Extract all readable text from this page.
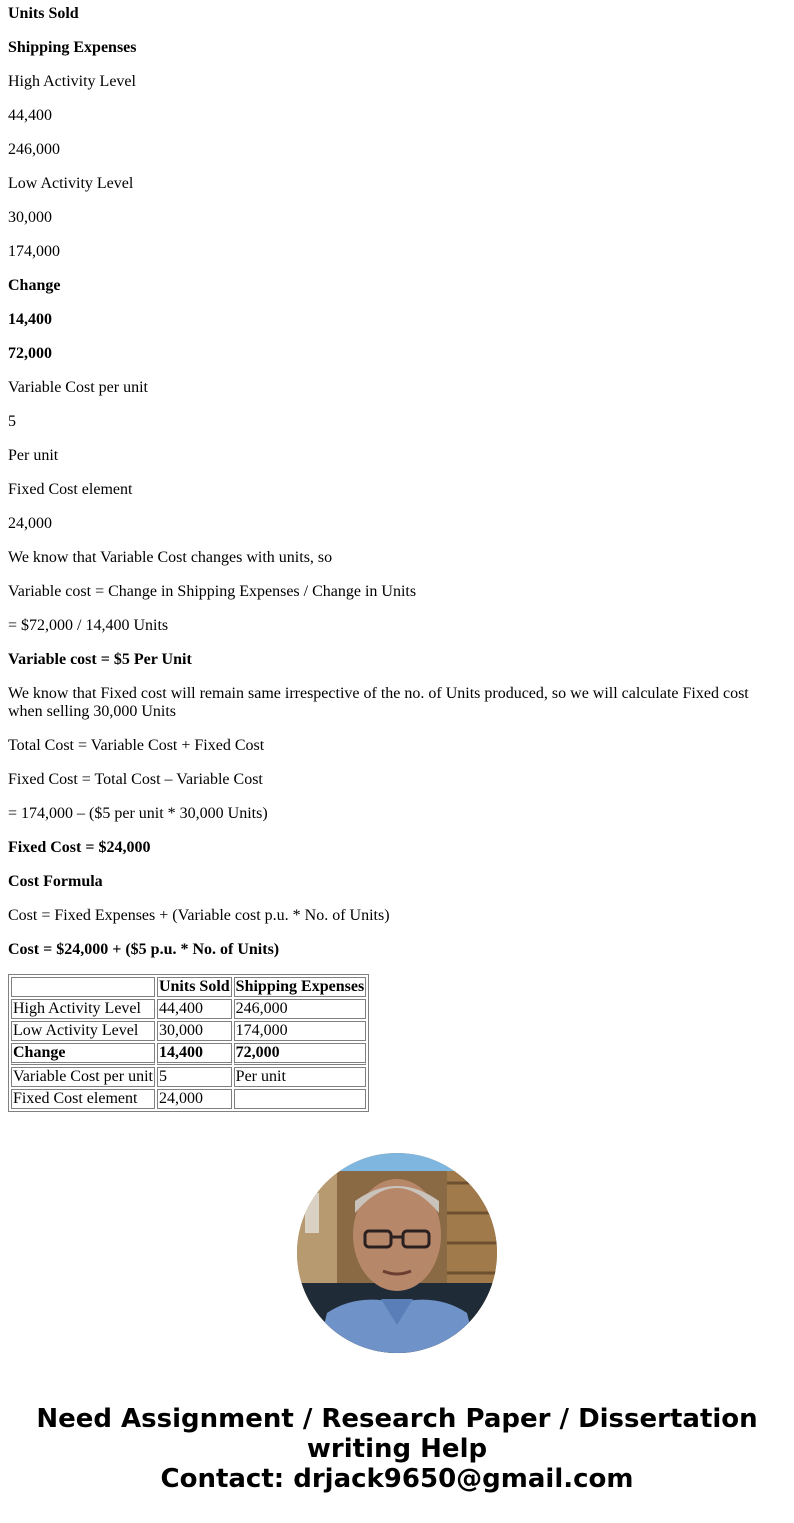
Units Sold

Shipping Expenses

High Activity Level

44,400

246,000

Low Activity Level

30,000

174,000

Change

14,400

72,000

Variable Cost per unit

5

Per unit

Fixed Cost element

24,000

We know that Variable Cost changes with units, so

Variable cost = Change in Shipping Expenses / Change in Units

= $72,000 / 14,400 Units

Variable cost = $5 Per Unit

We know that Fixed cost will remain same irrespective of the no. of Units produced, so we will calculate Fixed cost when selling 30,000 Units

Total Cost = Variable Cost + Fixed Cost

Fixed Cost = Total Cost – Variable Cost

= 174,000 – ($5 per unit * 30,000 Units)

Fixed Cost = $24,000

Cost Formula

Cost = Fixed Expenses + (Variable cost p.u. * No. of Units)

Cost = $24,000 + ($5 p.u. * No. of Units)

	Units Sold	Shipping Expenses
High Activity Level	44,400	246,000
Low Activity Level	30,000	174,000
Change	14,400	72,000
Variable Cost per unit	5	Per unit
Fixed Cost element	24,000	
Need Assignment / Research Paper / Dissertation
writing Help
Contact: drjack9650@gmail.com
